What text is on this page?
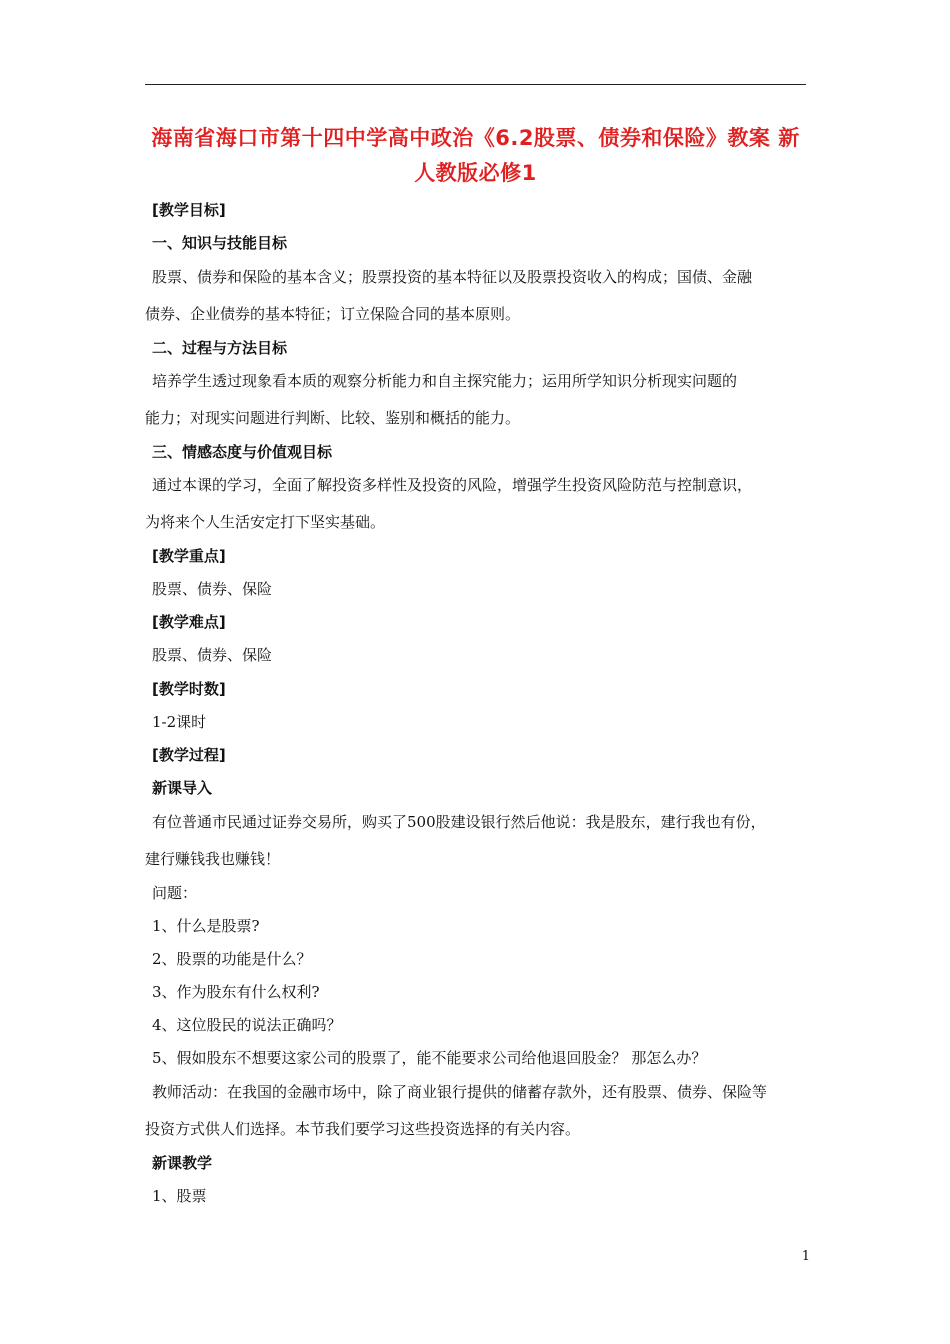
海南省海口市第十四中学高中政治《6.2股票、债券和保险》教案 新
人教版必修1
[教学目标]
一、知识与技能目标
股票、债券和保险的基本含义；股票投资的基本特征以及股票投资收入的构成；国债、金融
债券、企业债券的基本特征；订立保险合同的基本原则。
二、过程与方法目标
培养学生透过现象看本质的观察分析能力和自主探究能力；运用所学知识分析现实问题的
能力；对现实问题进行判断、比较、鉴别和概括的能力。
三、情感态度与价值观目标
通过本课的学习，全面了解投资多样性及投资的风险，增强学生投资风险防范与控制意识，
为将来个人生活安定打下坚实基础。
[教学重点]
股票、债券、保险
[教学难点]
股票、债券、保险
[教学时数]
1-2课时
[教学过程]
新课导入
有位普通市民通过证券交易所，购买了500股建设银行然后他说：我是股东，建行我也有份，
建行赚钱我也赚钱！
问题：
1、什么是股票?
2、股票的功能是什么？
3、作为股东有什么权利?
4、这位股民的说法正确吗？
5、假如股东不想要这家公司的股票了，能不能要求公司给他退回股金？ 那怎么办？
教师活动：在我国的金融市场中，除了商业银行提供的储蓄存款外，还有股票、债券、保险等
投资方式供人们选择。本节我们要学习这些投资选择的有关内容。
新课教学
1、股票
1
